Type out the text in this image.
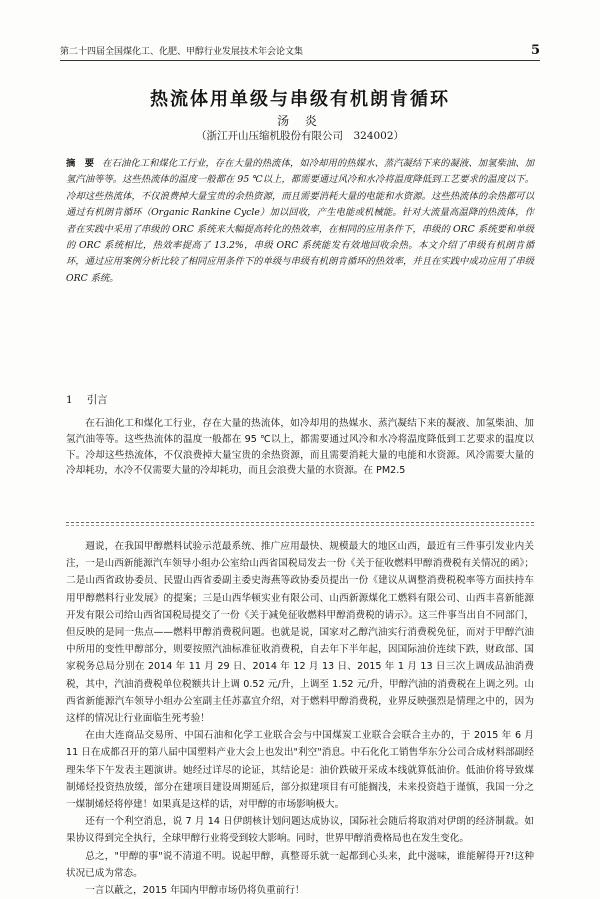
第二十四届全国煤化工、化肥、甲醇行业发展技术年会论文集	5
热流体用单级与串级有机朗肯循环
汤 炎
（浙江开山压缩机股份有限公司　324002）
摘　要 在石油化工和煤化工行业，存在大量的热流体，如冷却用的热媒水、蒸汽凝结下来的凝液、加氢柴油、加氢汽油等等。这些热流体的温度一般都在 95 ℃以上，都需要通过风冷和水冷将温度降低到工艺要求的温度以下。冷却这些热流体，不仅浪费掉大量宝贵的余热资源，而且需要消耗大量的电能和水资源。这些热流体的余热都可以通过有机朗肯循环（Organic Rankine Cycle）加以回收，产生电能或机械能。针对大流量高温降的热流体，作者在实践中采用了串级的 ORC 系统来大幅提高转化的热效率，在相同的应用条件下，串级的 ORC 系统要和单级的 ORC 系统相比，热效率提高了 13.2%，串级 ORC 系统能发有效地回收余热。本文介绍了串级有机朗肯循环，通过应用案例分析比较了相同应用条件下的单级与串级有机朗肯循环的热效率，并且在实践中成功应用了串级 ORC 系统。
1 引言
在石油化工和煤化工行业，存在大量的热流体，如冷却用的热媒水、蒸汽凝结下来的凝液、加氢柴油、加氢汽油等等。这些热流体的温度一般都在 95 ℃以上，都需要通过风冷和水冷将温度降低到工艺要求的温度以下。冷却这些热流体，不仅浪费掉大量宝贵的余热资源，而且需要消耗大量的电能和水资源。风冷需要大量的冷却耗功，水冷不仅需要大量的冷却耗功，而且会浪费大量的水资源。在 PM2.5

週说，在我国甲醇燃料试验示范最系统、推广应用最快、规模最大的地区山西，最近有三件事引发业内关注，一是山西新能源汽车领导小组办公室给山西省国税局发去一份《关于征收燃料甲醇消费税有关情况的函》；二是山西省政协委员、民盟山西省委副主委史海燕等政协委员提出一份《建议从调整消费税税率等方面扶持车用甲醇燃料行业发展》的提案；三是山西华顿实业有限公司、山西新源煤化工燃料有限公司、山西丰喜新能源开发有限公司给山西省国税局提交了一份《关于减免征收燃料甲醇消费税的请示》。这三件事当出自不同部门，但反映的是同一焦点——燃料甲醇消费税问题。也就是说，国家对乙醇汽油实行消费税免征，而对于甲醇汽油中所用的变性甲醇部分，则要按照汽油标准征收消费税，自去年下半年起，因国际油价连续下跌，财政部、国家税务总局分别在 2014 年 11 月 29 日、2014 年 12 月 13 日、2015 年 1 月 13 日三次上调成品油消费税，其中，汽油消费税单位税额共计上调 0.52 元/升，上调至 1.52 元/升，甲醇汽油的消费税在上调之列。山西省新能源汽车领导小组办公室副主任苏嘉宜介绍，对于燃料甲醇消费税，业界反映强烈是情理之中的，因为这样的情况让行业面临生死考验！

在由大连商品交易所、中国石油和化学工业联合会与中国煤炭工业联合会联合主办的，于 2015 年 6 月 11 日在成都召开的第八届中国塑料产业大会上也发出"利空"消息。中石化化工销售华东分公司合成材料部副经理朱华下午发表主题演讲。她经过详尽的论证，其结论是：油价跌破开采成本线就算低油价。低油价将导致煤制烯烃投资热放缓，部分在建项目建设周期延后，部分拟建项目有可能搁浅，未来投资趋于谨慎，我国一分之一煤制烯烃将停建！如果真是这样的话，对甲醇的市场影响极大。

还有一个利空消息，说 7 月 14 日伊朗核计划问题达成协议，国际社会随后将取消对伊朗的经济制裁。如果协议得到完全执行，全球甲醇行业将受到较大影响。同时，世界甲醇消费格局也在发生变化。

总之，"甲醇的事"说不清道不明。说起甲醇，真整哥乐就一起都到心头来，此中滋味，谁能解得开?!这种状况已成为常态。

一言以蔽之，2015 年国内甲醇市场仍将负重前行！
